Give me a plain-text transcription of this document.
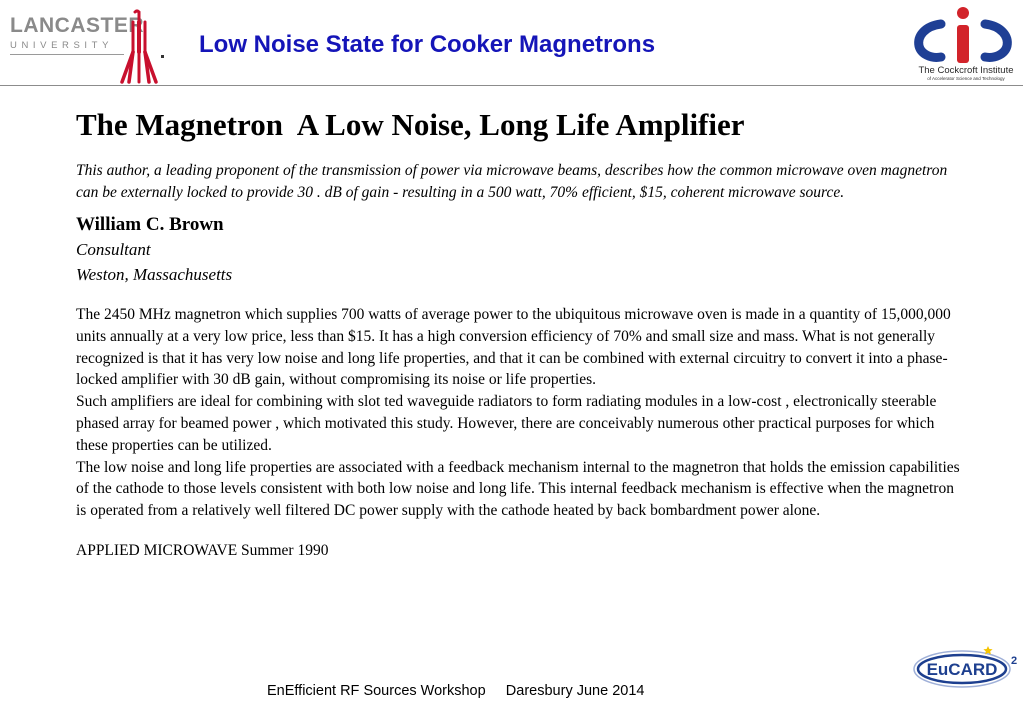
LANCASTER
UNIVERSITY	Low Noise State for Cooker Magnetrons
The Cockcroft Institute
of Accelerator Science and Technology
The Magnetron  A Low Noise, Long Life Amplifier
This author, a leading proponent of the transmission of power via microwave beams, describes how the common microwave oven magnetron can be externally locked to provide 30 . dB of gain - resulting in a 500 watt, 70% efficient, $15, coherent microwave source.
William C. Brown
Consultant
Weston, Massachusetts

The 2450 MHz magnetron which supplies 700 watts of average power to the ubiquitous microwave oven is made in a quantity of 15,000,000 units annually at a very low price, less than $15. It has a high conversion efficiency of 70% and small size and mass. What is not generally recognized is that it has very low noise and long life properties, and that it can be combined with external circuitry to convert it into a phase-locked amplifier with 30 dB gain, without compromising its noise or life properties.

Such amplifiers are ideal for combining with slot ted waveguide radiators to form radiating modules in a low-cost , electronically steerable phased array for beamed power , which motivated this study. However, there are conceivably numerous other practical purposes for which these properties can be utilized.

The low noise and long life properties are associated with a feedback mechanism internal to the magnetron that holds the emission capabilities of the cathode to those levels consistent with both low noise and long life. This internal feedback mechanism is effective when the magnetron is operated from a relatively well filtered DC power supply with the cathode heated by back bombardment power alone.

APPLIED MICROWAVE Summer 1990
EnEfficient RF Sources Workshop     Daresbury June 2014
EuCARD 2
